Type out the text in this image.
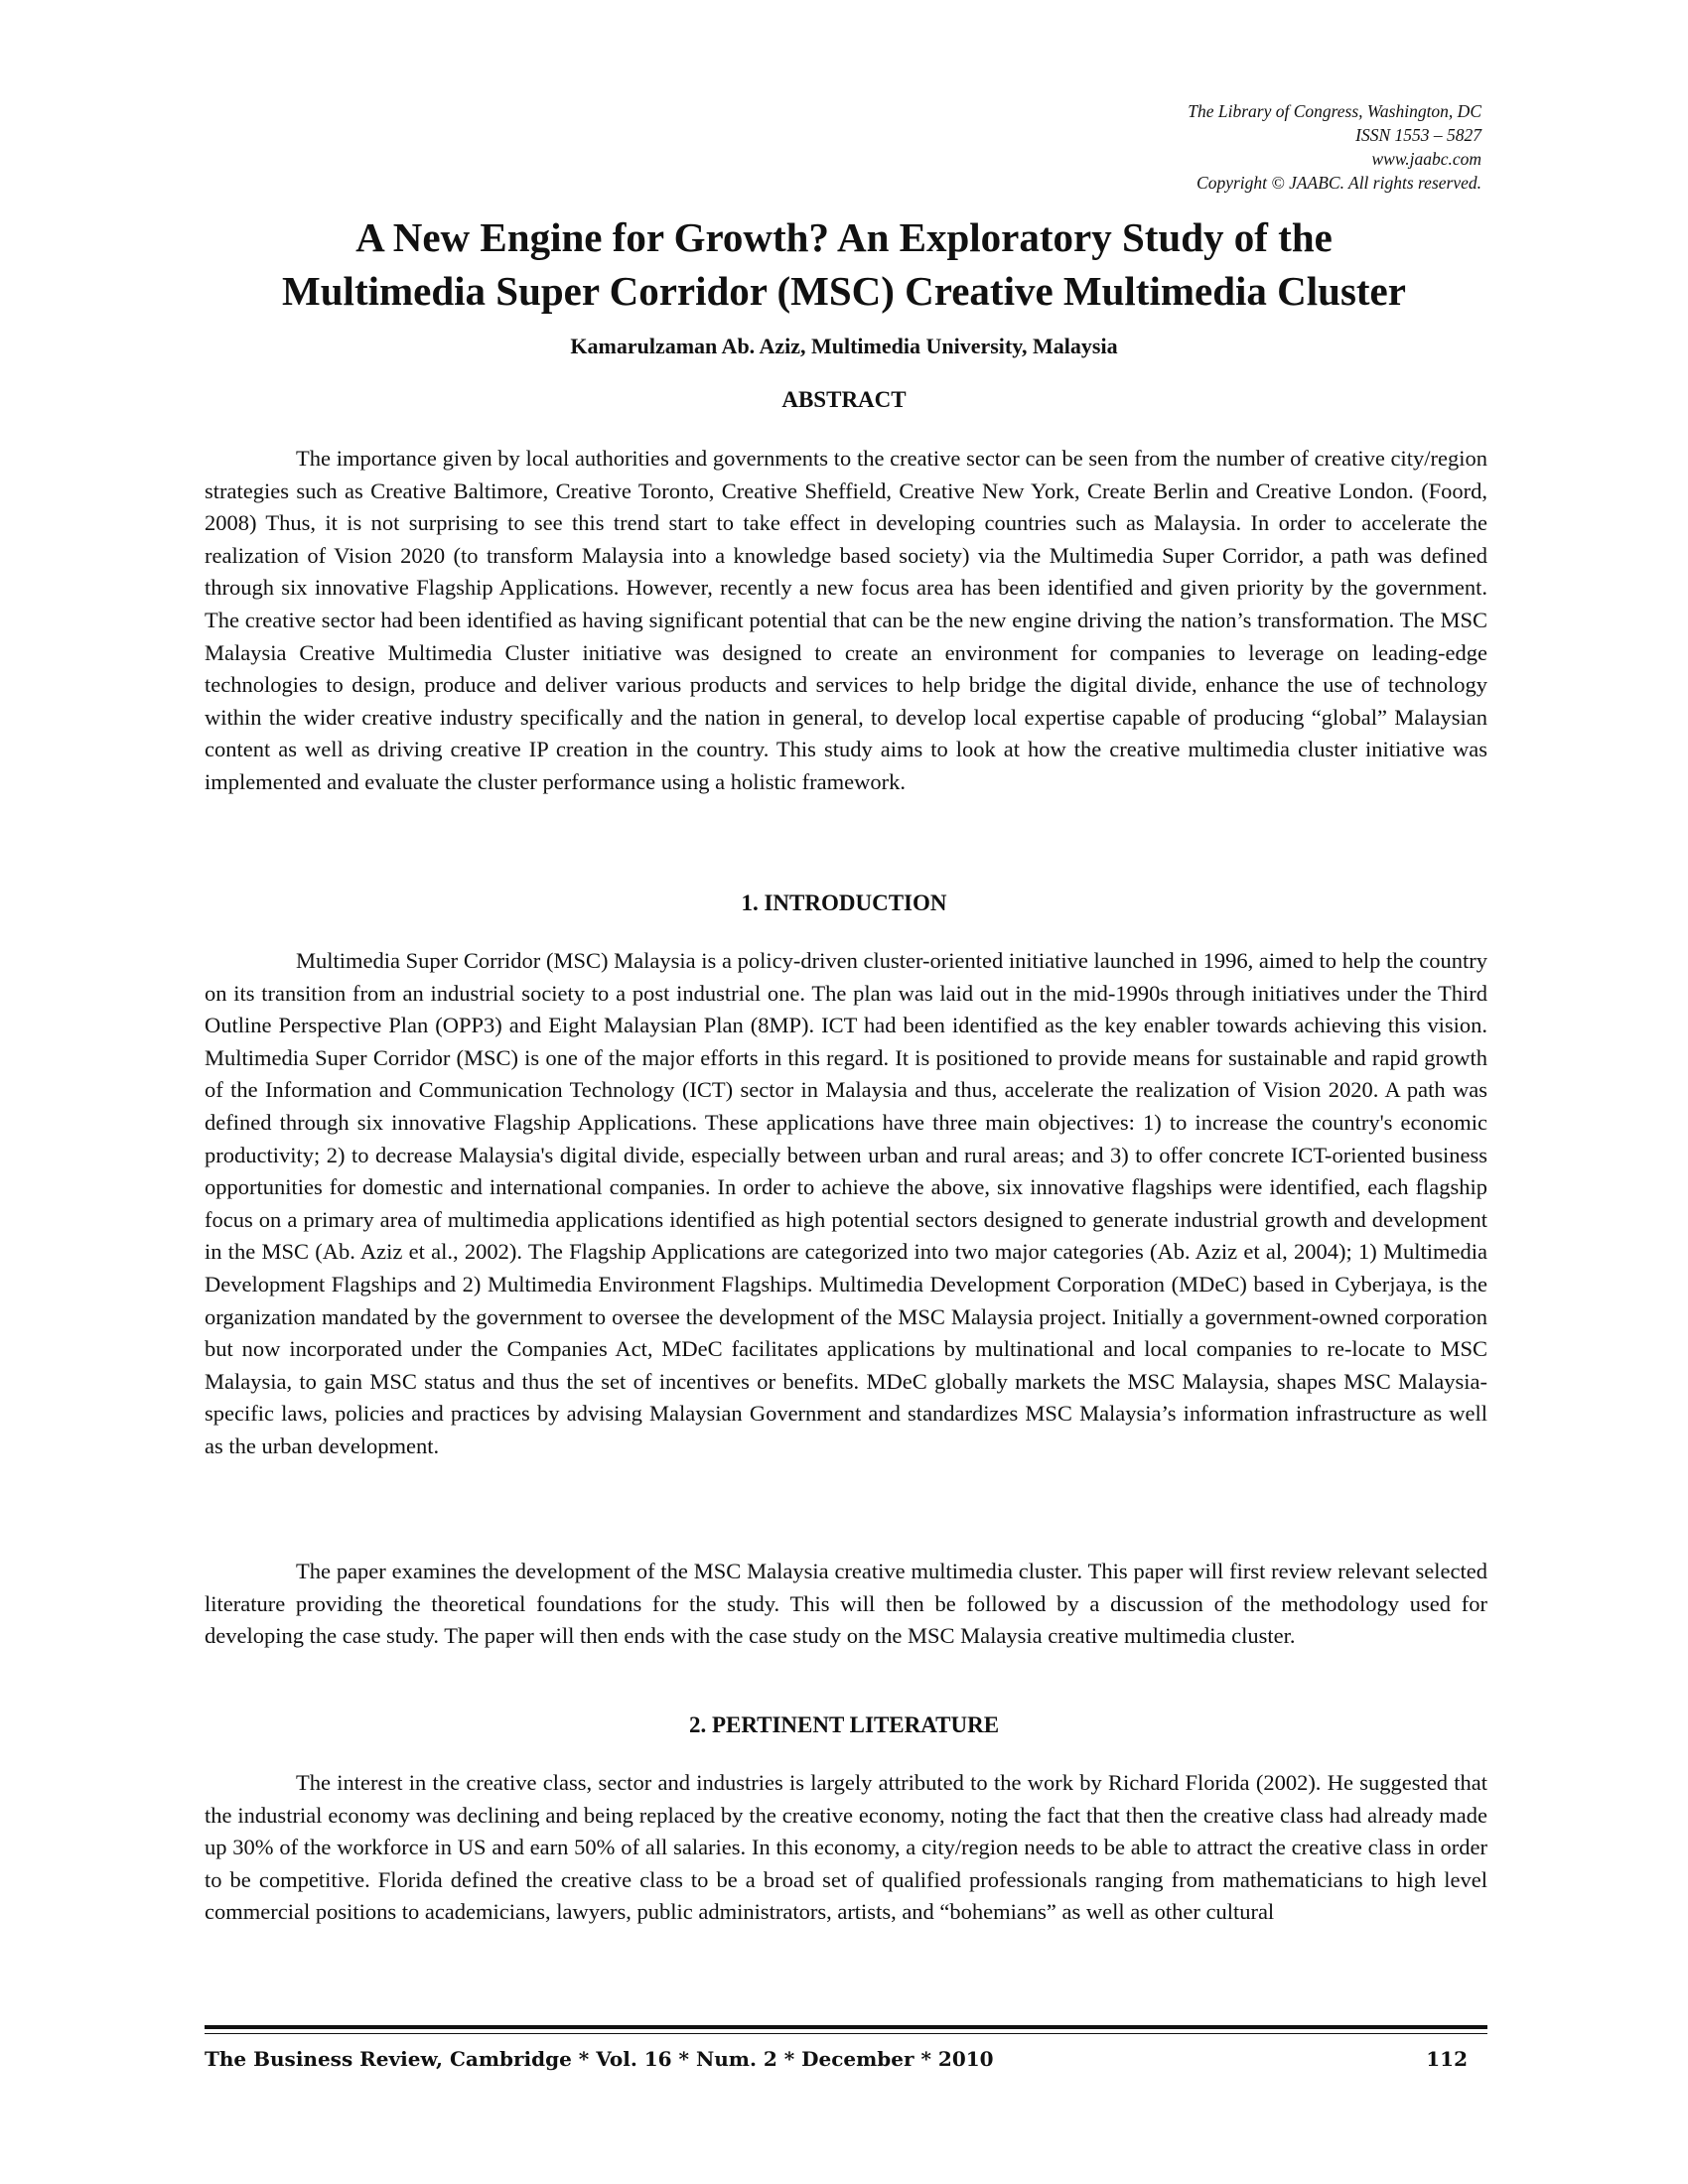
The Library of Congress, Washington, DC
ISSN 1553 – 5827
www.jaabc.com
Copyright © JAABC. All rights reserved.
A New Engine for Growth? An Exploratory Study of the
Multimedia Super Corridor (MSC) Creative Multimedia Cluster
Kamarulzaman Ab. Aziz, Multimedia University, Malaysia
ABSTRACT

The importance given by local authorities and governments to the creative sector can be seen from the number of creative city/region strategies such as Creative Baltimore, Creative Toronto, Creative Sheffield, Creative New York, Create Berlin and Creative London. (Foord, 2008) Thus, it is not surprising to see this trend start to take effect in developing countries such as Malaysia. In order to accelerate the realization of Vision 2020 (to transform Malaysia into a knowledge based society) via the Multimedia Super Corridor, a path was defined through six innovative Flagship Applications. However, recently a new focus area has been identified and given priority by the government. The creative sector had been identified as having significant potential that can be the new engine driving the nation’s transformation. The MSC Malaysia Creative Multimedia Cluster initiative was designed to create an environment for companies to leverage on leading-edge technologies to design, produce and deliver various products and services to help bridge the digital divide, enhance the use of technology within the wider creative industry specifically and the nation in general, to develop local expertise capable of producing “global” Malaysian content as well as driving creative IP creation in the country. This study aims to look at how the creative multimedia cluster initiative was implemented and evaluate the cluster performance using a holistic framework.

1. INTRODUCTION

Multimedia Super Corridor (MSC) Malaysia is a policy-driven cluster-oriented initiative launched in 1996, aimed to help the country on its transition from an industrial society to a post industrial one. The plan was laid out in the mid-1990s through initiatives under the Third Outline Perspective Plan (OPP3) and Eight Malaysian Plan (8MP). ICT had been identified as the key enabler towards achieving this vision. Multimedia Super Corridor (MSC) is one of the major efforts in this regard. It is positioned to provide means for sustainable and rapid growth of the Information and Communication Technology (ICT) sector in Malaysia and thus, accelerate the realization of Vision 2020. A path was defined through six innovative Flagship Applications. These applications have three main objectives: 1) to increase the country's economic productivity; 2) to decrease Malaysia's digital divide, especially between urban and rural areas; and 3) to offer concrete ICT-oriented business opportunities for domestic and international companies. In order to achieve the above, six innovative flagships were identified, each flagship focus on a primary area of multimedia applications identified as high potential sectors designed to generate industrial growth and development in the MSC (Ab. Aziz et al., 2002). The Flagship Applications are categorized into two major categories (Ab. Aziz et al, 2004); 1) Multimedia Development Flagships and 2) Multimedia Environment Flagships. Multimedia Development Corporation (MDeC) based in Cyberjaya, is the organization mandated by the government to oversee the development of the MSC Malaysia project. Initially a government-owned corporation but now incorporated under the Companies Act, MDeC facilitates applications by multinational and local companies to re-locate to MSC Malaysia, to gain MSC status and thus the set of incentives or benefits. MDeC globally markets the MSC Malaysia, shapes MSC Malaysia-specific laws, policies and practices by advising Malaysian Government and standardizes MSC Malaysia’s information infrastructure as well as the urban development.

The paper examines the development of the MSC Malaysia creative multimedia cluster. This paper will first review relevant selected literature providing the theoretical foundations for the study. This will then be followed by a discussion of the methodology used for developing the case study. The paper will then ends with the case study on the MSC Malaysia creative multimedia cluster.

2. PERTINENT LITERATURE

The interest in the creative class, sector and industries is largely attributed to the work by Richard Florida (2002). He suggested that the industrial economy was declining and being replaced by the creative economy, noting the fact that then the creative class had already made up 30% of the workforce in US and earn 50% of all salaries. In this economy, a city/region needs to be able to attract the creative class in order to be competitive. Florida defined the creative class to be a broad set of qualified professionals ranging from mathematicians to high level commercial positions to academicians, lawyers, public administrators, artists, and “bohemians” as well as other cultural

The Business Review, Cambridge * Vol. 16 * Num. 2 * December * 2010	112
